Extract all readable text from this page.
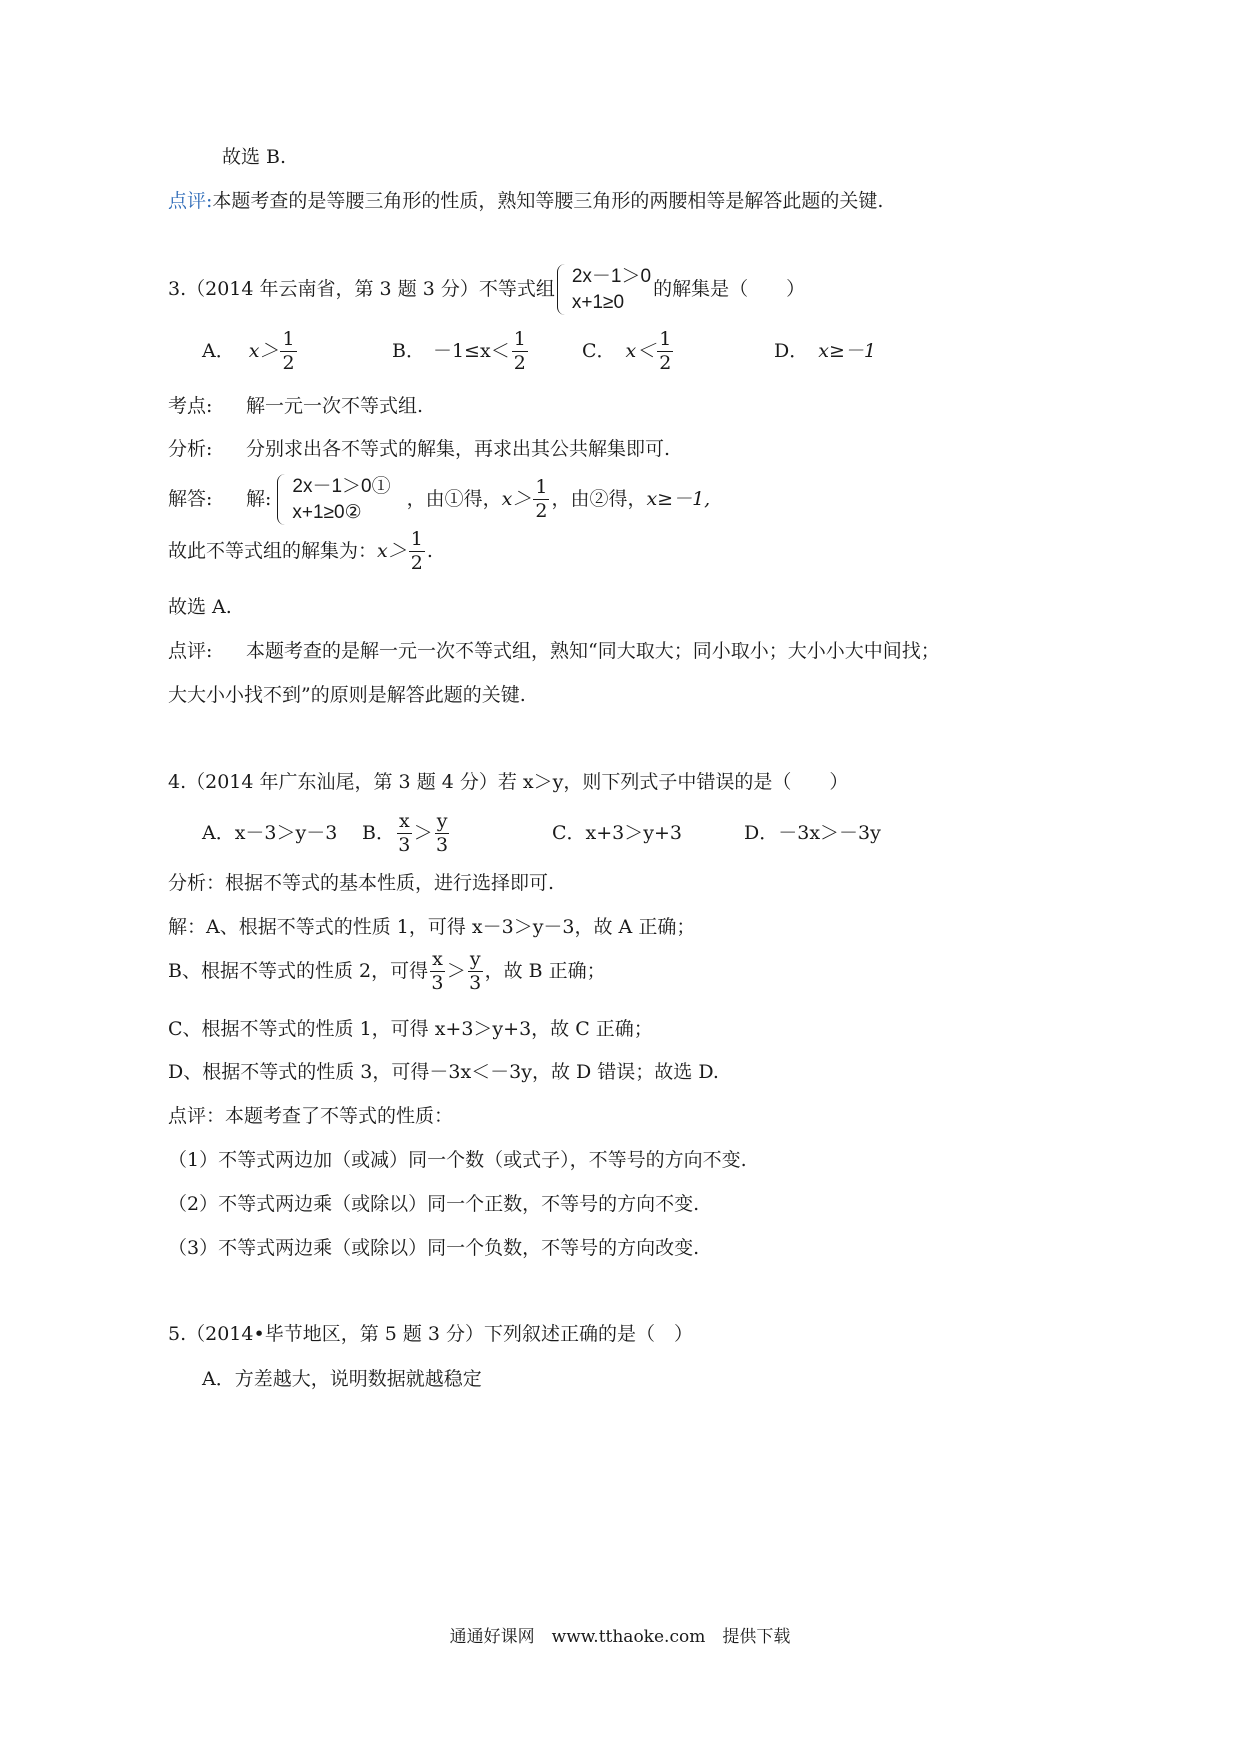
故选 B.
点评:本题考查的是等腰三角形的性质，熟知等腰三角形的两腰相等是解答此题的关键.
3.（2014 年云南省，第 3 题 3 分）不等式组
2x－1＞0
x+1≥0
的解集是（　　）
A． $x> \frac{1}{2}$	B． $-1\le x< \frac{1}{2}$	C． $x< \frac{1}{2}$	D． x≥－1
考点: 解一元一次不等式组.
分析: 分别求出各不等式的解集，再求出其公共解集即可.
解答:	解:
2x－1＞0①
x+1≥0②
，由①得， $x> \frac{1}{2}$ ，由②得， x≥－1,
故此不等式组的解集为： $x> \frac{1}{2}$ .
故选 A.
点评: 本题考查的是解一元一次不等式组，熟知“同大取大；同小取小；大小小大中间找；
大大小小找不到”的原则是解答此题的关键.
4.（2014 年广东汕尾，第 3 题 4 分）若 x＞y，则下列式子中错误的是（　　）
A．x－3＞y－3	B． $\frac{x}{3} > \frac{y}{3}$	C．x+3＞y+3	D．－3x＞－3y
分析：根据不等式的基本性质，进行选择即可.
解：A、根据不等式的性质 1，可得 x－3＞y－3，故 A 正确；
B、根据不等式的性质 2，可得 $\frac{x}{3} > \frac{y}{3}$ ，故 B 正确；
C、根据不等式的性质 1，可得 x+3＞y+3，故 C 正确；
D、根据不等式的性质 3，可得－3x＜－3y，故 D 错误；故选 D.
点评：本题考查了不等式的性质：
（1）不等式两边加（或减）同一个数（或式子），不等号的方向不变.
（2）不等式两边乘（或除以）同一个正数，不等号的方向不变.
（3）不等式两边乘（或除以）同一个负数，不等号的方向改变.
5.（2014•毕节地区，第 5 题 3 分）下列叙述正确的是（　）
A．方差越大，说明数据就越稳定
通通好课网　www.tthaoke.com　提供下载
